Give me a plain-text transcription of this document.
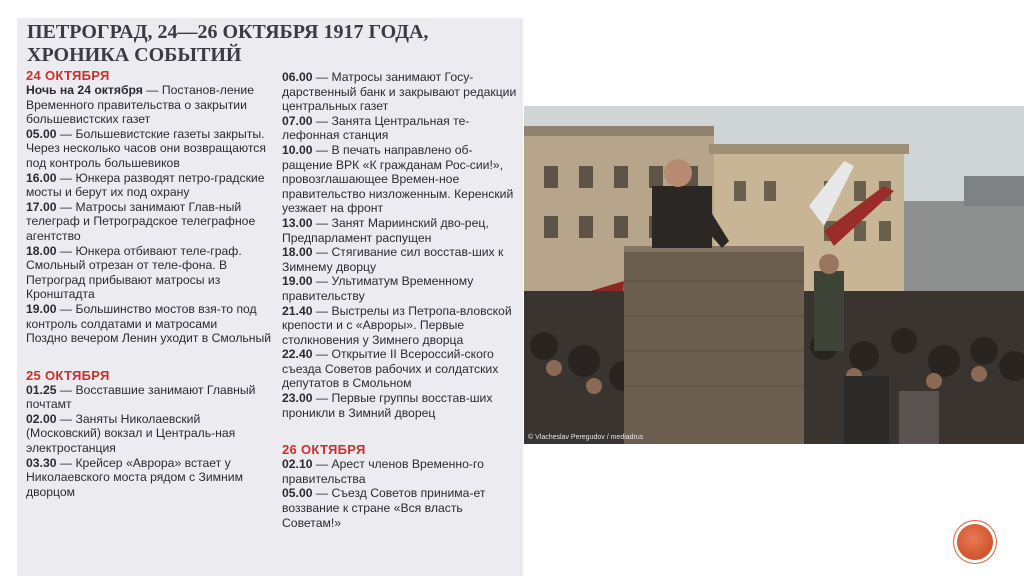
ПЕТРОГРАД, 24—26 ОКТЯБРЯ 1917 ГОДА,
ХРОНИКА СОБЫТИЙ
24 ОКТЯБРЯ
Ночь на 24 октября — Постанов-ление Временного правительства о закрытии большевистских газет
05.00 — Большевистские газеты закрыты. Через несколько часов они возвращаются под контроль большевиков
16.00 — Юнкера разводят петро-градские мосты и берут их под охрану
17.00 — Матросы занимают Глав-ный телеграф и Петроградское телеграфное агентство
18.00 — Юнкера отбивают теле-граф. Смольный отрезан от теле-фона. В Петроград прибывают матросы из Кронштадта
19.00 — Большинство мостов взя-то под контроль солдатами и матросами
Поздно вечером Ленин уходит в Смольный
25 ОКТЯБРЯ
01.25 — Восставшие занимают Главный почтамт
02.00 — Заняты Николаевский (Московский) вокзал и Централь-ная электростанция
03.30 — Крейсер «Аврора» встает у Николаевского моста рядом с Зимним дворцом
06.00 — Матросы занимают Госу-дарственный банк и закрывают редакции центральных газет
07.00 — Занята Центральная те-лефонная станция
10.00 — В печать направлено об-ращение ВРК «К гражданам Рос-сии!», провозглашающее Времен-ное правительство низложенным. Керенский уезжает на фронт
13.00 — Занят Мариинский дво-рец, Предпарламент распущен
18.00 — Стягивание сил восстав-ших к Зимнему дворцу
19.00 — Ультиматум Временному правительству
21.40 — Выстрелы из Петропа-вловской крепости и с «Авроры». Первые столкновения у Зимнего дворца
22.40 — Открытие II Всероссий-ского съезда Советов рабочих и солдатских депутатов в Смольном
23.00 — Первые группы восстав-ших проникли в Зимний дворец
26 ОКТЯБРЯ
02.10 — Арест членов Временно-го правительства
05.00 — Съезд Советов принима-ет воззвание к стране «Вся власть Советам!»
© Vlacheslav Peregudov / mediadrus
